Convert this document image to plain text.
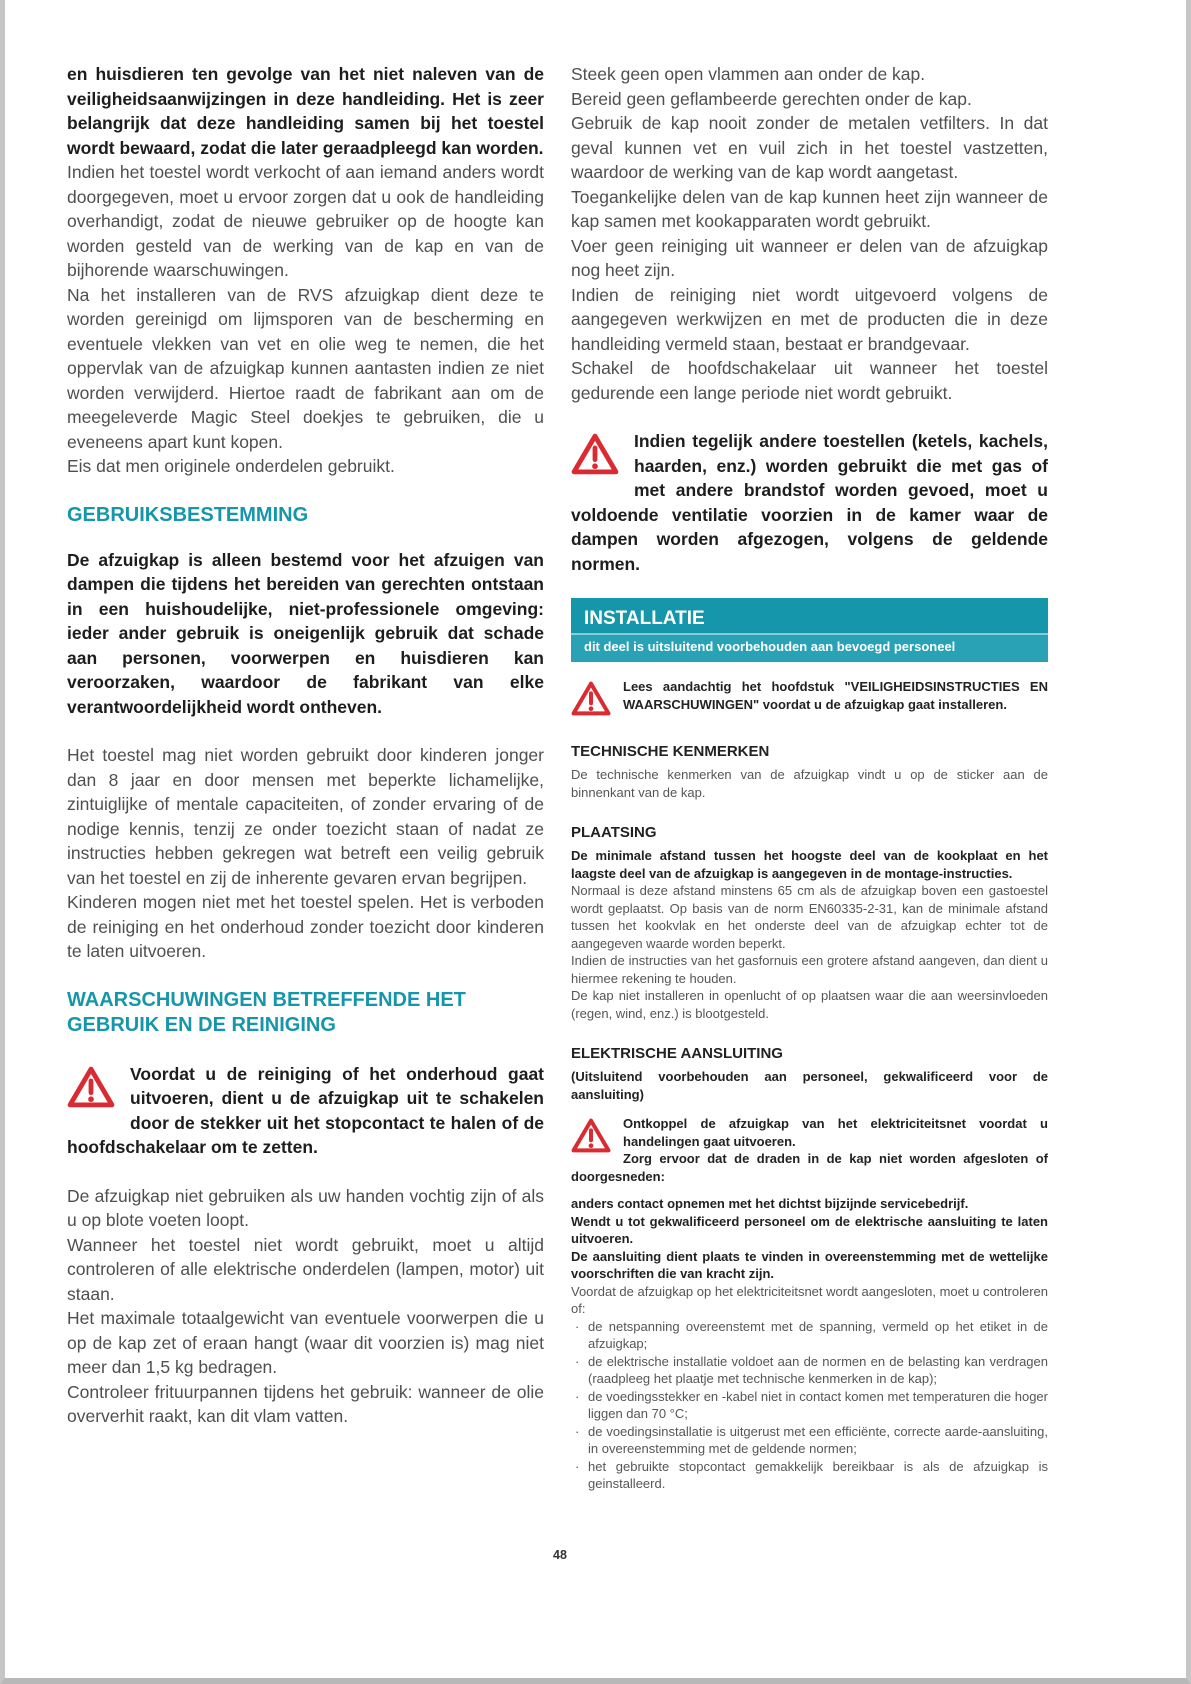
en huisdieren ten gevolge van het niet naleven van de veiligheidsaanwijzingen in deze handleiding. Het is zeer belangrijk dat deze handleiding samen bij het toestel wordt bewaard, zodat die later geraadpleegd kan worden.

Indien het toestel wordt verkocht of aan iemand anders wordt doorgegeven, moet u ervoor zorgen dat u ook de handleiding overhandigt, zodat de nieuwe gebruiker op de hoogte kan worden gesteld van de werking van de kap en van de bijhorende waarschuwingen.

Na het installeren van de RVS afzuigkap dient deze te worden gereinigd om lijmsporen van de bescherming en eventuele vlekken van vet en olie weg te nemen, die het oppervlak van de afzuigkap kunnen aantasten indien ze niet worden verwijderd. Hiertoe raadt de fabrikant aan om de meegeleverde Magic Steel doekjes te gebruiken, die u eveneens apart kunt kopen.

Eis dat men originele onderdelen gebruikt.

GEBRUIKSBESTEMMING

De afzuigkap is alleen bestemd voor het afzuigen van dampen die tijdens het bereiden van gerechten ontstaan in een huishoudelijke, niet-professionele omgeving: ieder ander gebruik is oneigenlijk gebruik dat schade aan personen, voorwerpen en huisdieren kan veroorzaken, waardoor de fabrikant van elke verantwoordelijkheid wordt ontheven.

Het toestel mag niet worden gebruikt door kinderen jonger dan 8 jaar en door mensen met beperkte lichamelijke, zintuiglijke of mentale capaciteiten, of zonder ervaring of de nodige kennis, tenzij ze onder toezicht staan of nadat ze instructies hebben gekregen wat betreft een veilig gebruik van het toestel en zij de inherente gevaren ervan begrijpen.

Kinderen mogen niet met het toestel spelen. Het is verboden de reiniging en het onderhoud zonder toezicht door kinderen te laten uitvoeren.

WAARSCHUWINGEN BETREFFENDE HET GEBRUIK EN DE REINIGING

Voordat u de reiniging of het onderhoud gaat uitvoeren, dient u de afzuigkap uit te schakelen door de stekker uit het stopcontact te halen of de hoofdschakelaar om te zetten.

De afzuigkap niet gebruiken als uw handen vochtig zijn of als u op blote voeten loopt.

Wanneer het toestel niet wordt gebruikt, moet u altijd controleren of alle elektrische onderdelen (lampen, motor) uit staan.

Het maximale totaalgewicht van eventuele voorwerpen die u op de kap zet of eraan hangt (waar dit voorzien is) mag niet meer dan 1,5 kg bedragen.

Controleer frituurpannen tijdens het gebruik: wanneer de olie oververhit raakt, kan dit vlam vatten.

Steek geen open vlammen aan onder de kap.

Bereid geen geflambeerde gerechten onder de kap.

Gebruik de kap nooit zonder de metalen vetfilters. In dat geval kunnen vet en vuil zich in het toestel vastzetten, waardoor de werking van de kap wordt aangetast.

Toegankelijke delen van de kap kunnen heet zijn wanneer de kap samen met kookapparaten wordt gebruikt.

Voer geen reiniging uit wanneer er delen van de afzuigkap nog heet zijn.

Indien de reiniging niet wordt uitgevoerd volgens de aangegeven werkwijzen en met de producten die in deze handleiding vermeld staan, bestaat er brandgevaar.

Schakel de hoofdschakelaar uit wanneer het toestel gedurende een lange periode niet wordt gebruikt.

Indien tegelijk andere toestellen (ketels, kachels, haarden, enz.) worden gebruikt die met gas of met andere brandstof worden gevoed, moet u voldoende ventilatie voorzien in de kamer waar de dampen worden afgezogen, volgens de geldende normen.

INSTALLATIE
dit deel is uitsluitend voorbehouden aan bevoegd personeel

Lees aandachtig het hoofdstuk "VEILIGHEIDSINSTRUCTIES EN WAARSCHUWINGEN" voordat u de afzuigkap gaat installeren.

TECHNISCHE KENMERKEN

De technische kenmerken van de afzuigkap vindt u op de sticker aan de binnenkant van de kap.

PLAATSING

De minimale afstand tussen het hoogste deel van de kookplaat en het laagste deel van de afzuigkap is aangegeven in de montage-instructies.

Normaal is deze afstand minstens 65 cm als de afzuigkap boven een gastoestel wordt geplaatst. Op basis van de norm EN60335-2-31, kan de minimale afstand tussen het kookvlak en het onderste deel van de afzuigkap echter tot de aangegeven waarde worden beperkt.

Indien de instructies van het gasfornuis een grotere afstand aangeven, dan dient u hiermee rekening te houden.

De kap niet installeren in openlucht of op plaatsen waar die aan weersinvloeden (regen, wind, enz.) is blootgesteld.

ELEKTRISCHE AANSLUITING

(Uitsluitend voorbehouden aan personeel, gekwalificeerd voor de aansluiting)

Ontkoppel de afzuigkap van het elektriciteitsnet voordat u handelingen gaat uitvoeren.

Zorg ervoor dat de draden in de kap niet worden afgesloten of doorgesneden:

anders contact opnemen met het dichtst bijzijnde servicebedrijf.

Wendt u tot gekwalificeerd personeel om de elektrische aansluiting te laten uitvoeren.

De aansluiting dient plaats te vinden in overeenstemming met de wettelijke voorschriften die van kracht zijn.

Voordat de afzuigkap op het elektriciteitsnet wordt aangesloten, moet u controleren of:

· de netspanning overeenstemt met de spanning, vermeld op het etiket in de afzuigkap;
· de elektrische installatie voldoet aan de normen en de belasting kan verdragen (raadpleeg het plaatje met technische kenmerken in de kap);
· de voedingsstekker en -kabel niet in contact komen met temperaturen die hoger liggen dan 70 °C;
· de voedingsinstallatie is uitgerust met een efficiënte, correcte aarde-aansluiting, in overeenstemming met de geldende normen;
· het gebruikte stopcontact gemakkelijk bereikbaar is als de afzuigkap is geinstalleerd.
48
